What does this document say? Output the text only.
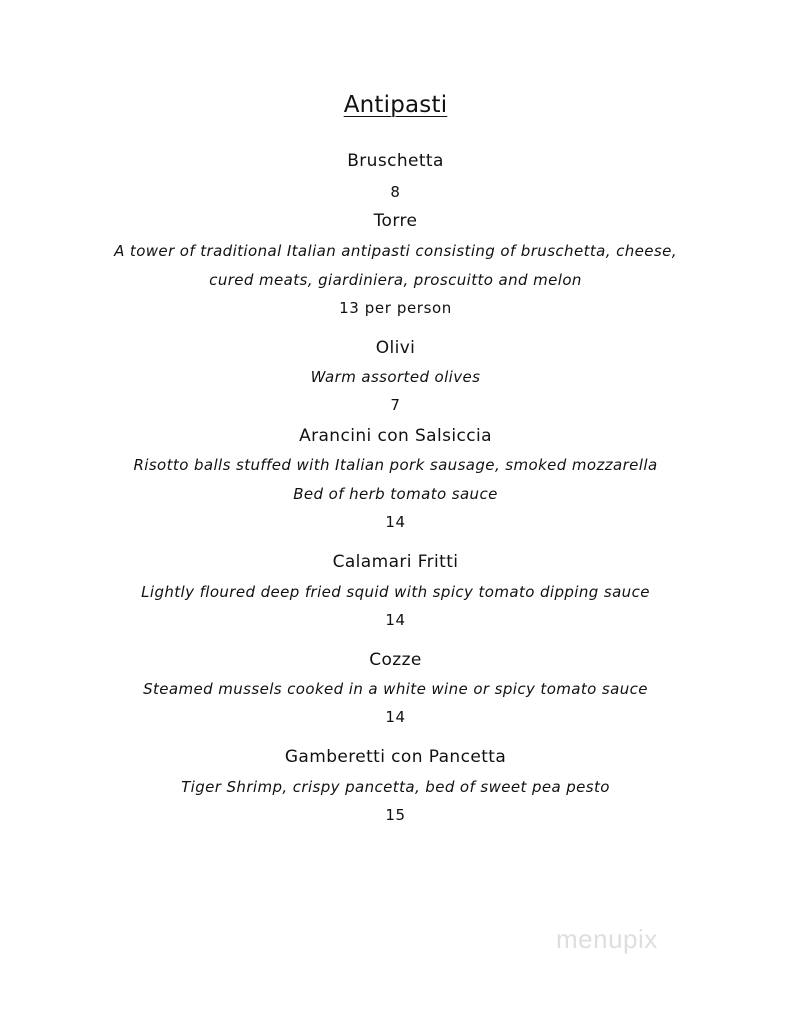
Antipasti
Bruschetta
8
Torre
A tower of traditional Italian antipasti consisting of bruschetta, cheese,
cured meats, giardiniera, proscuitto and melon
13 per person
Olivi
Warm assorted olives
7
Arancini con Salsiccia
Risotto balls stuffed with Italian pork sausage, smoked mozzarella
Bed of herb tomato sauce
14
Calamari Fritti
Lightly floured deep fried squid with spicy tomato dipping sauce
14
Cozze
Steamed mussels cooked in a white wine or spicy tomato sauce
14
Gamberetti con Pancetta
Tiger Shrimp, crispy pancetta, bed of sweet pea pesto
15
menupix
